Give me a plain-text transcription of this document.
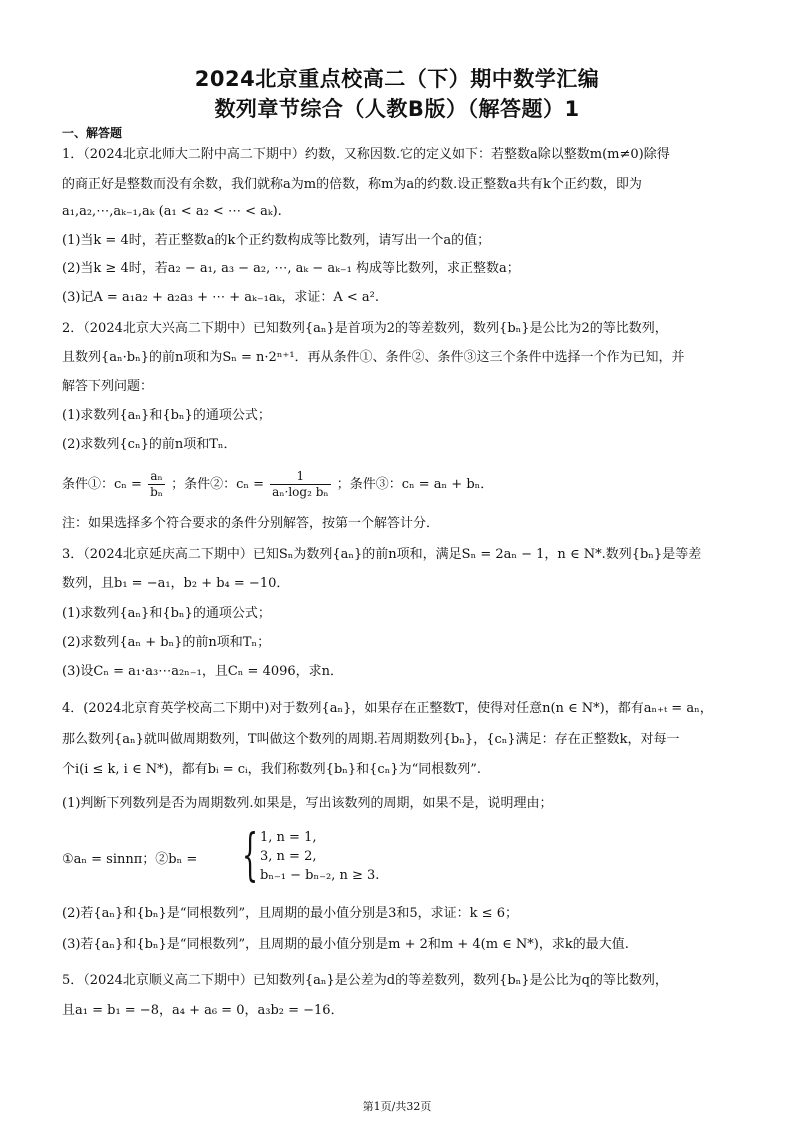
2024北京重点校高二（下）期中数学汇编
数列章节综合（人教B版）（解答题）1
一、解答题
1．（2024北京北师大二附中高二下期中）约数，又称因数.它的定义如下：若整数a除以整数m(m≠0)除得
的商正好是整数而没有余数，我们就称a为m的倍数，称m为a的约数.设正整数a共有k个正约数，即为
a₁,a₂,⋯,aₖ₋₁,aₖ (a₁ < a₂ < ⋯ < aₖ).
(1)当k = 4时，若正整数a的k个正约数构成等比数列，请写出一个a的值；
(2)当k ≥ 4时，若a₂ − a₁, a₃ − a₂, ⋯, aₖ − aₖ₋₁ 构成等比数列，求正整数a；
(3)记A = a₁a₂ + a₂a₃ + ⋯ + aₖ₋₁aₖ，求证：A < a².
2．（2024北京大兴高二下期中）已知数列{aₙ}是首项为2的等差数列，数列{bₙ}是公比为2的等比数列，
且数列{aₙ·bₙ}的前n项和为Sₙ = n·2ⁿ⁺¹．再从条件①、条件②、条件③这三个条件中选择一个作为已知，并
解答下列问题：
(1)求数列{aₙ}和{bₙ}的通项公式；
(2)求数列{cₙ}的前n项和Tₙ．
条件①：$c_n = \frac{\text{aₙ}}{\text{bₙ}}$ ；条件②：$c_n = \frac{1}{\text{aₙ·log₂ bₙ}}$ ；条件③：cₙ = aₙ + bₙ．
注：如果选择多个符合要求的条件分别解答，按第一个解答计分．
3．（2024北京延庆高二下期中）已知Sₙ为数列{aₙ}的前n项和，满足Sₙ = 2aₙ − 1，n ∈ N*.数列{bₙ}是等差
数列，且b₁ = −a₁，b₂ + b₄ = −10．
(1)求数列{aₙ}和{bₙ}的通项公式；
(2)求数列{aₙ + bₙ}的前n项和Tₙ；
(3)设Cₙ = a₁·a₃⋯a₂ₙ₋₁，且Cₙ = 4096，求n．
4．(2024北京育英学校高二下期中)对于数列{aₙ}，如果存在正整数T，使得对任意n(n ∈ N*)，都有aₙ₊ₜ = aₙ，
那么数列{aₙ}就叫做周期数列，T叫做这个数列的周期.若周期数列{bₙ}，{cₙ}满足：存在正整数k，对每一
个i(i ≤ k, i ∈ N*)，都有bᵢ = cᵢ，我们称数列{bₙ}和{cₙ}为“同根数列”.
(1)判断下列数列是否为周期数列.如果是，写出该数列的周期，如果不是，说明理由；
①aₙ = sinnπ；②bₙ = { 1, n = 1,
3, n = 2,
bₙ₋₁ − bₙ₋₂, n ≥ 3.
(2)若{aₙ}和{bₙ}是“同根数列”，且周期的最小值分别是3和5，求证：k ≤ 6；
(3)若{aₙ}和{bₙ}是“同根数列”，且周期的最小值分别是m + 2和m + 4(m ∈ N*)，求k的最大值.
5．（2024北京顺义高二下期中）已知数列{aₙ}是公差为d的等差数列，数列{bₙ}是公比为q的等比数列，
且a₁ = b₁ = −8，a₄ + a₆ = 0，a₃b₂ = −16．
第1页/共32页
